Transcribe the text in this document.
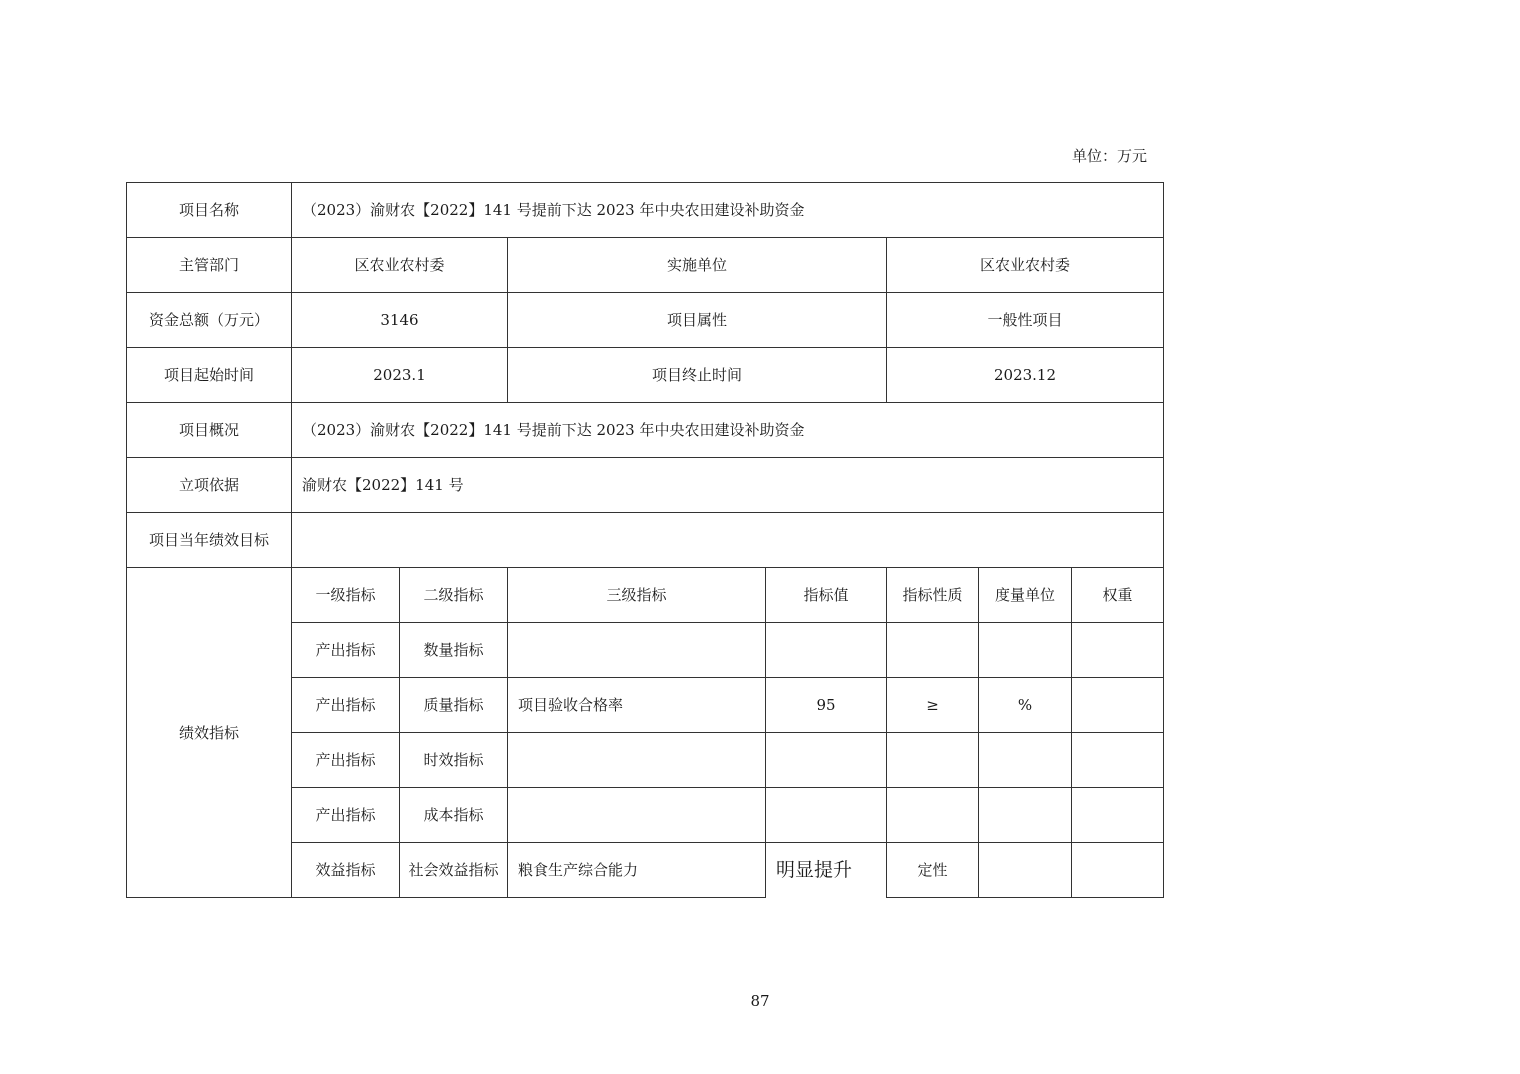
单位：万元
项目名称	（2023）渝财农【2022】141 号提前下达 2023 年中央农田建设补助资金						
主管部门	区农业农村委		实施单位		区农业农村委		
资金总额（万元）	3146		项目属性		一般性项目		
项目起始时间	2023.1		项目终止时间		2023.12		
项目概况	（2023）渝财农【2022】141 号提前下达 2023 年中央农田建设补助资金						
立项依据	渝财农【2022】141 号						
项目当年绩效目标							
绩效指标	一级指标	二级指标	三级指标	指标值	指标性质	度量单位	权重
	产出指标	数量指标					
	产出指标	质量指标	项目验收合格率	95	≥	%	
	产出指标	时效指标					
	产出指标	成本指标					
	效益指标	社会效益指标	粮食生产综合能力	明显提升	定性		
87
